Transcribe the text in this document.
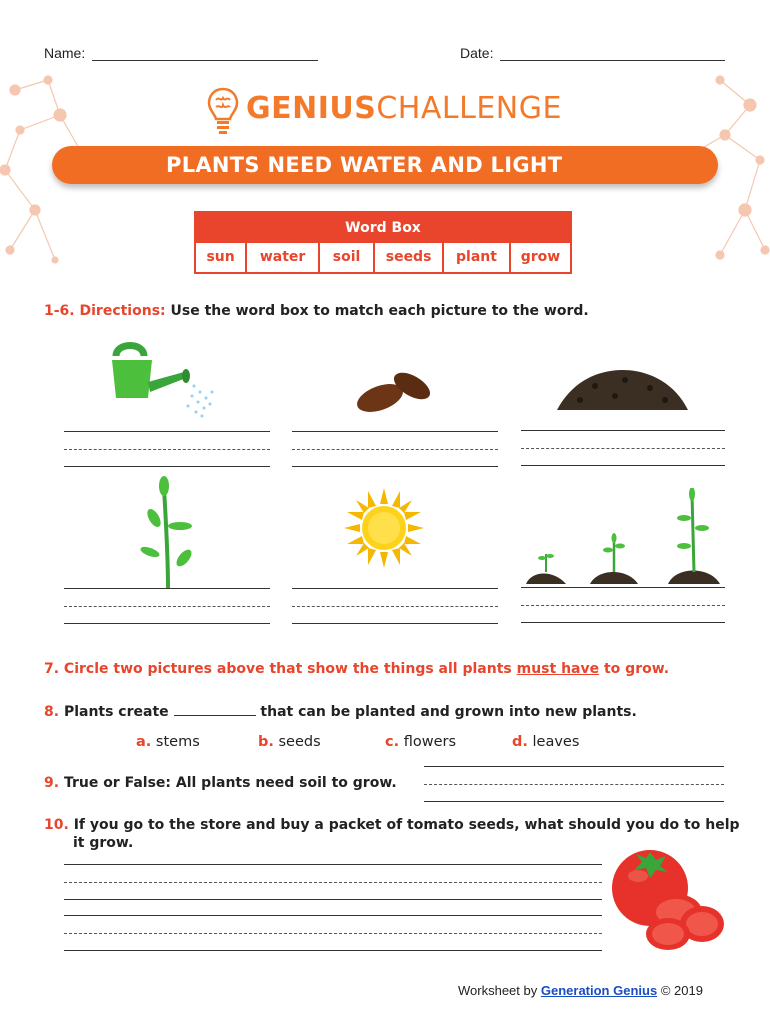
Name:	Date:
GENIUSCHALLENGE
PLANTS NEED WATER AND LIGHT
Word Box
sun	water	soil	seeds	plant	grow
1-6. Directions: Use the word box to match each picture to the word.
7. Circle two pictures above that show the things all plants must have to grow.
8. Plants create	that can be planted and grown into new plants.
a. stems	b. seeds	c. flowers	d. leaves
9. True or False: All plants need soil to grow.
10. If you go to the store and buy a packet of tomato seeds, what should you do to help
it grow.
Worksheet by Generation Genius © 2019
